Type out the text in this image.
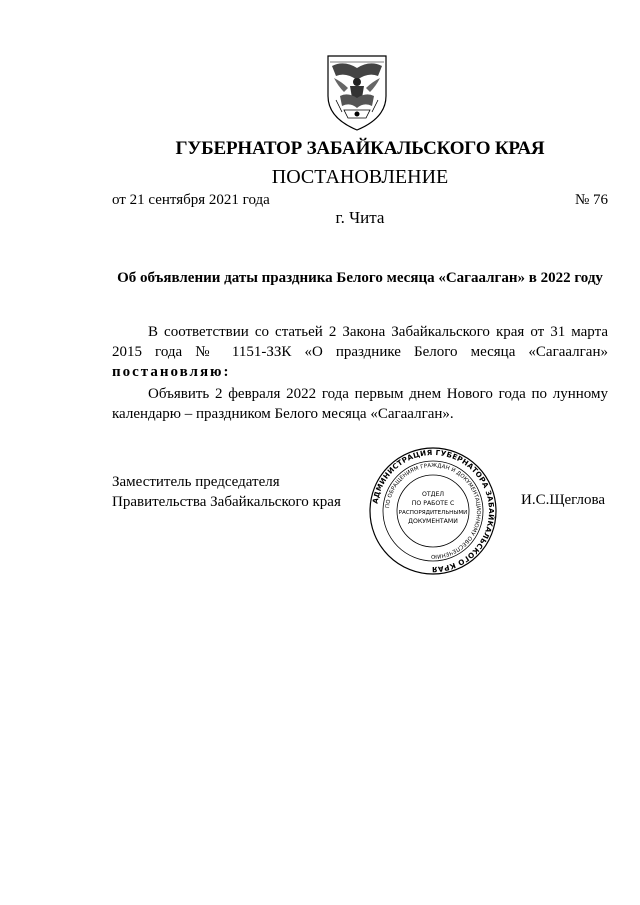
ГУБЕРНАТОР ЗАБАЙКАЛЬСКОГО КРАЯ
ПОСТАНОВЛЕНИЕ
от 21 сентября 2021 года	№ 76
г. Чита
Об объявлении даты праздника Белого месяца «Сагаалган» в 2022 году
В соответствии со статьей 2 Закона Забайкальского края от 31 марта
2015 года № 1151-ЗЗК «О празднике Белого месяца «Сагаалган»
постановляю:
Объявить 2 февраля 2022 года первым днем Нового года по лунному
календарю – праздником Белого месяца «Сагаалган».
Заместитель председателя
Правительства Забайкальского края	И.С.Щеглова
АДМИНИСТРАЦИЯ ГУБЕРНАТОРА ЗАБАЙКАЛЬСКОГО КРАЯ
ПО ОБРАЩЕНИЯМ ГРАЖДАН И ДОКУМЕНТАЦИОННОМУ ОБЕСПЕЧЕНИЮ
ОТДЕЛ
ПО РАБОТЕ С
РАСПОРЯДИТЕЛЬНЫМИ
ДОКУМЕНТАМИ
